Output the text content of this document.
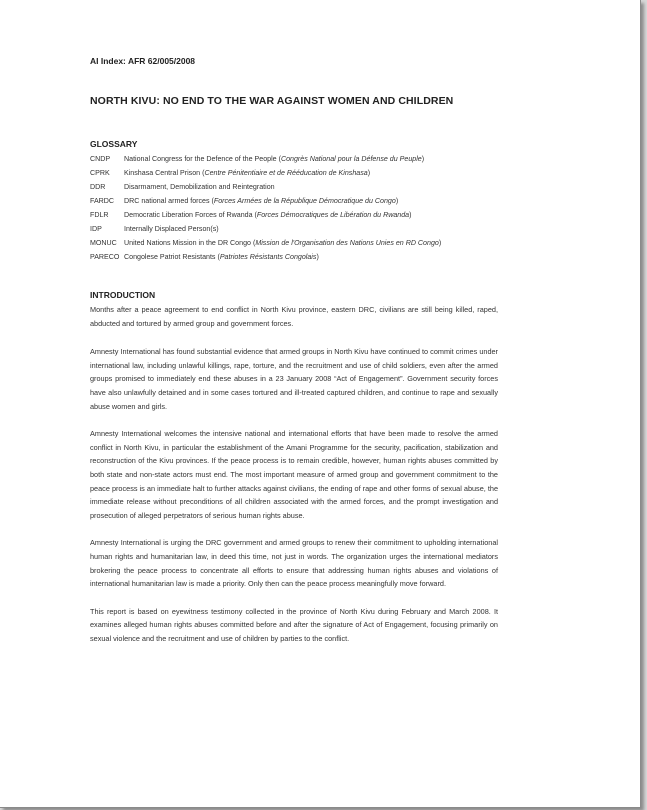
AI Index: AFR 62/005/2008
NORTH KIVU: NO END TO THE WAR AGAINST WOMEN AND CHILDREN
GLOSSARY
CNDP	National Congress for the Defence of the People (Congrès National pour la Défense du Peuple)
CPRK	Kinshasa Central Prison (Centre Pénitentiaire et de Rééducation de Kinshasa)
DDR	Disarmament, Demobilization and Reintegration
FARDC	DRC national armed forces (Forces Armées de la République Démocratique du Congo)
FDLR	Democratic Liberation Forces of Rwanda (Forces Démocratiques de Libération du Rwanda)
IDP	Internally Displaced Person(s)
MONUC	United Nations Mission in the DR Congo (Mission de l'Organisation des Nations Unies en RD Congo)
PARECO Congolese Patriot Resistants (Patriotes Résistants Congolais)
INTRODUCTION

Months after a peace agreement to end conflict in North Kivu province, eastern DRC, civilians are still being killed, raped, abducted and tortured by armed group and government forces.

Amnesty International has found substantial evidence that armed groups in North Kivu have continued to commit crimes under international law, including unlawful killings, rape, torture, and the recruitment and use of child soldiers, even after the armed groups promised to immediately end these abuses in a 23 January 2008 “Act of Engagement”. Government security forces have also unlawfully detained and in some cases tortured and ill-treated captured children, and continue to rape and sexually abuse women and girls.

Amnesty International welcomes the intensive national and international efforts that have been made to resolve the armed conflict in North Kivu, in particular the establishment of the Amani Programme for the security, pacification, stabilization and reconstruction of the Kivu provinces. If the peace process is to remain credible, however, human rights abuses committed by both state and non-state actors must end. The most important measure of armed group and government commitment to the peace process is an immediate halt to further attacks against civilians, the ending of rape and other forms of sexual abuse, the immediate release without preconditions of all children associated with the armed forces, and the prompt investigation and prosecution of alleged perpetrators of serious human rights abuse.

Amnesty International is urging the DRC government and armed groups to renew their commitment to upholding international human rights and humanitarian law, in deed this time, not just in words. The organization urges the international mediators brokering the peace process to concentrate all efforts to ensure that addressing human rights abuses and violations of international humanitarian law is made a priority. Only then can the peace process meaningfully move forward.

This report is based on eyewitness testimony collected in the province of North Kivu during February and March 2008. It examines alleged human rights abuses committed before and after the signature of Act of Engagement, focusing primarily on sexual violence and the recruitment and use of children by parties to the conflict.
